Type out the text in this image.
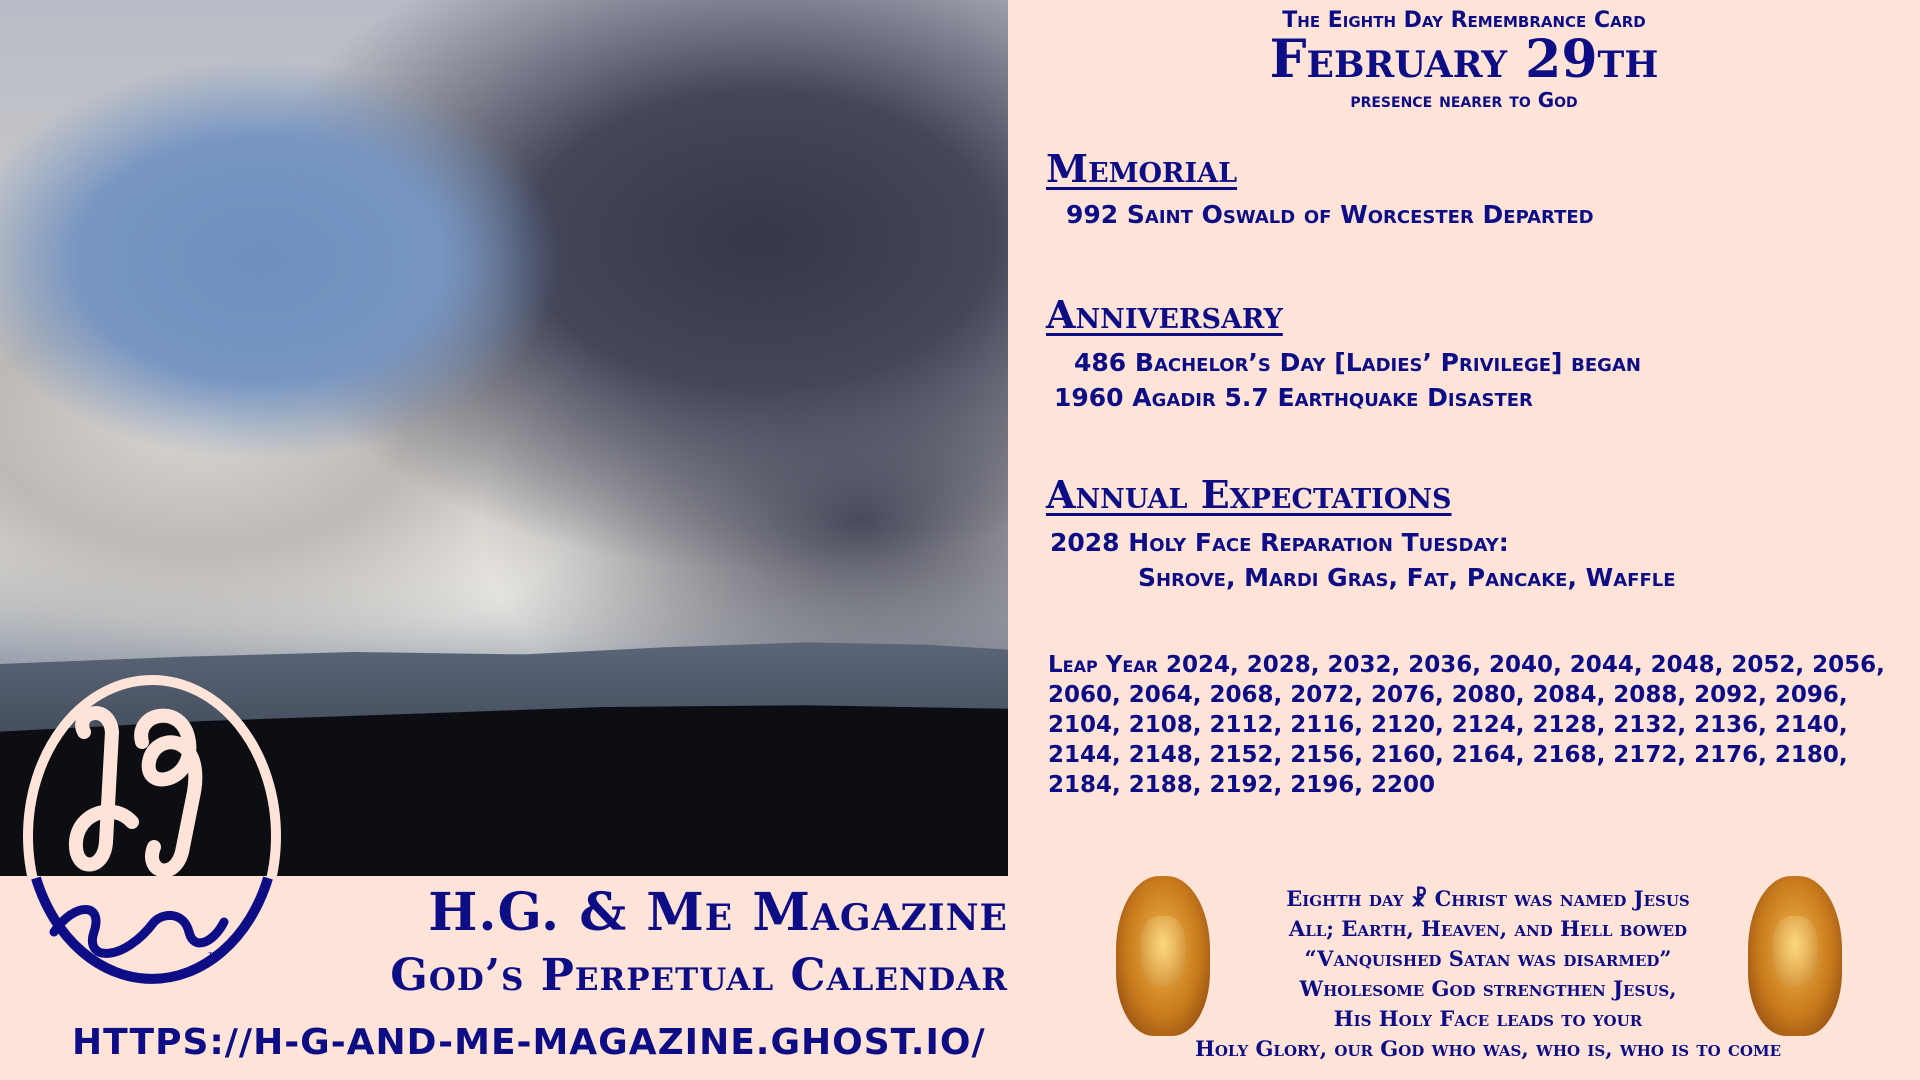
™
H.G. & Me Magazine
God’s Perpetual Calendar
HTTPS://H-G-AND-ME-MAGAZINE.GHOST.IO/
The Eighth Day Remembrance Card
February 29th
presence nearer to God
Memorial
992 Saint Oswald of Worcester Departed
Anniversary
486 Bachelor’s Day [Ladies’ Privilege] began
1960 Agadir 5.7 Earthquake Disaster
Annual Expectations
2028 Holy Face Reparation Tuesday:
Shrove, Mardi Gras, Fat, Pancake, Waffle
Leap Year 2024, 2028, 2032, 2036, 2040, 2044, 2048, 2052, 2056, 2060, 2064, 2068, 2072, 2076, 2080, 2084, 2088, 2092, 2096, 2104, 2108, 2112, 2116, 2120, 2124, 2128, 2132, 2136, 2140, 2144, 2148, 2152, 2156, 2160, 2164, 2168, 2172, 2176, 2180, 2184, 2188, 2192, 2196, 2200
Eighth day ☧ Christ was named Jesus
All; Earth, Heaven, and Hell bowed
“Vanquished Satan was disarmed”
Wholesome God strengthen Jesus,
His Holy Face leads to your
Holy Glory, our God who was, who is, who is to come
